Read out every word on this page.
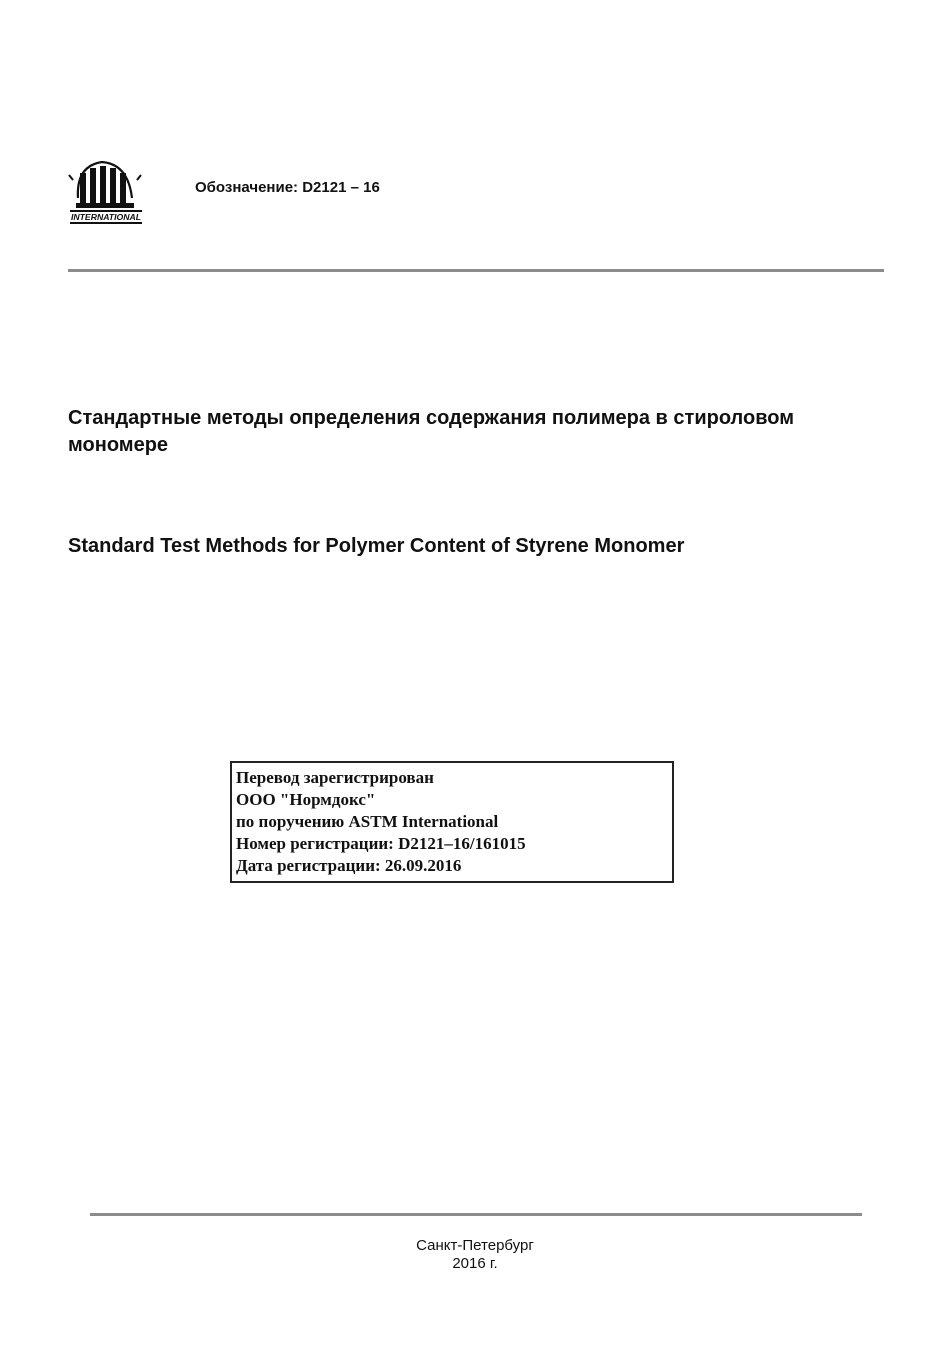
INTERNATIONAL
Обозначение: D2121 – 16
Стандартные методы определения содержания полимера в стироловом мономере
Standard Test Methods for Polymer Content of Styrene Monomer
Перевод зарегистрирован
ООО "Нормдокс"
по поручению ASTM International
Номер регистрации: D2121–16/161015
Дата регистрации: 26.09.2016
Санкт-Петербург
2016 г.
